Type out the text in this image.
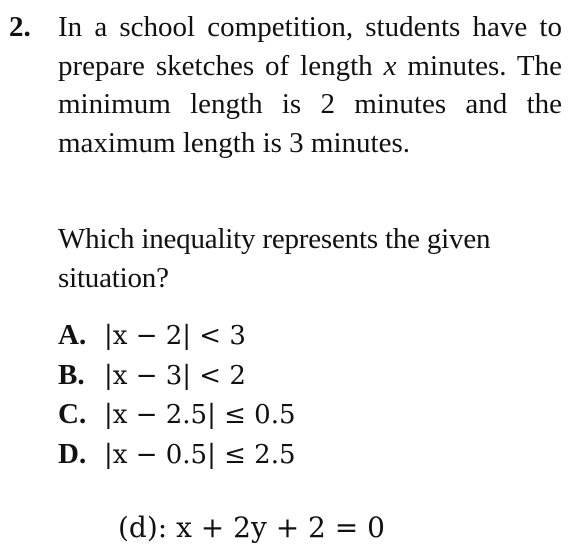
2. In a school competition, students have to prepare sketches of length x minutes. The minimum length is 2 minutes and the maximum length is 3 minutes.
Which inequality represents the given situation?
A. |x − 2| < 3
B. |x − 3| < 2
C. |x − 2.5| ≤ 0.5
D. |x − 0.5| ≤ 2.5
(d): x + 2y + 2 = 0
